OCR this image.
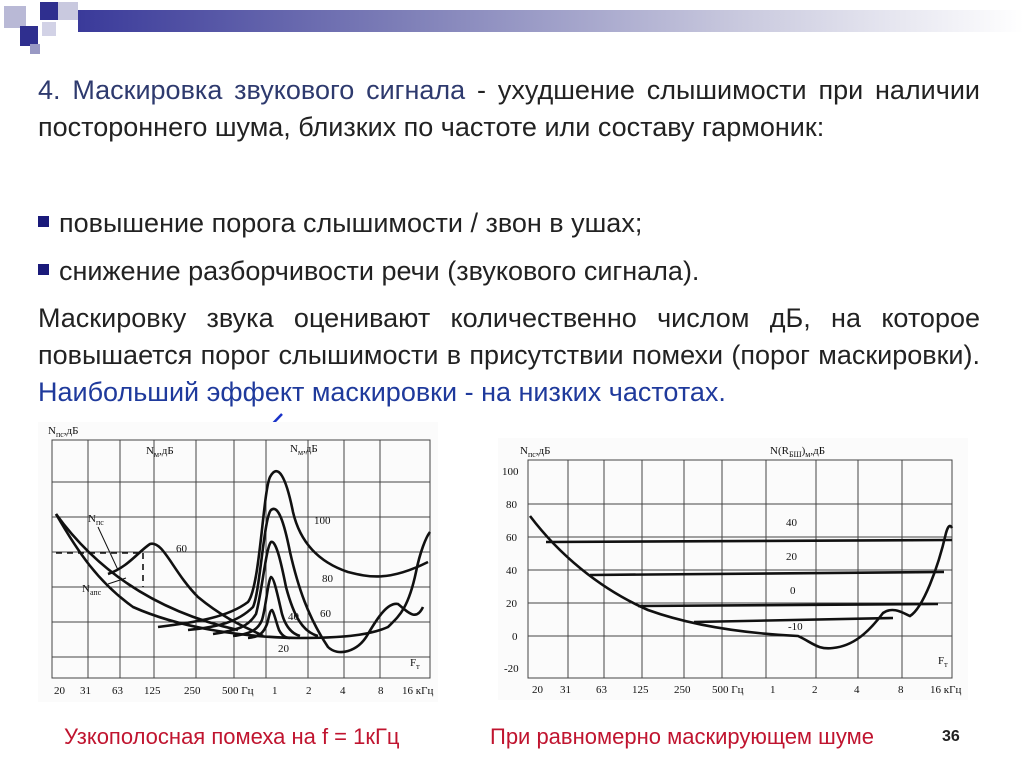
4. Маскировка звукового сигнала - ухудшение слышимости при наличии постороннего шума, близких по частоте или составу гармоник:
повышение порога слышимости / звон в ушах;
снижение разборчивости речи (звукового сигнала).
Маскировку звука оценивают количественно числом дБ, на которое повышается порог слышимости в присутствии помехи (порог маскировки). Наибольший эффект маскировки - на низких частотах.
$N_{пс},дБ$
$N_м,дБ$	$N_м,дБ$
$N_{пс}$
$N_{апс}$
100
80
60
40
20
60
$F_т$
20 31 63 125 250 500 Гц 1	2	4	8 16 кГц
$N_{пс},дБ$	$N(R_{БШ})_м,дБ$
100
80
60
40
20
0
-20
40
20
0
-10
$F_т$
20 31 63 125 250 500 Гц 1	2	4	8 16 кГц
Узкополосная помеха на f = 1кГц	При равномерно маскирующем шуме	36
